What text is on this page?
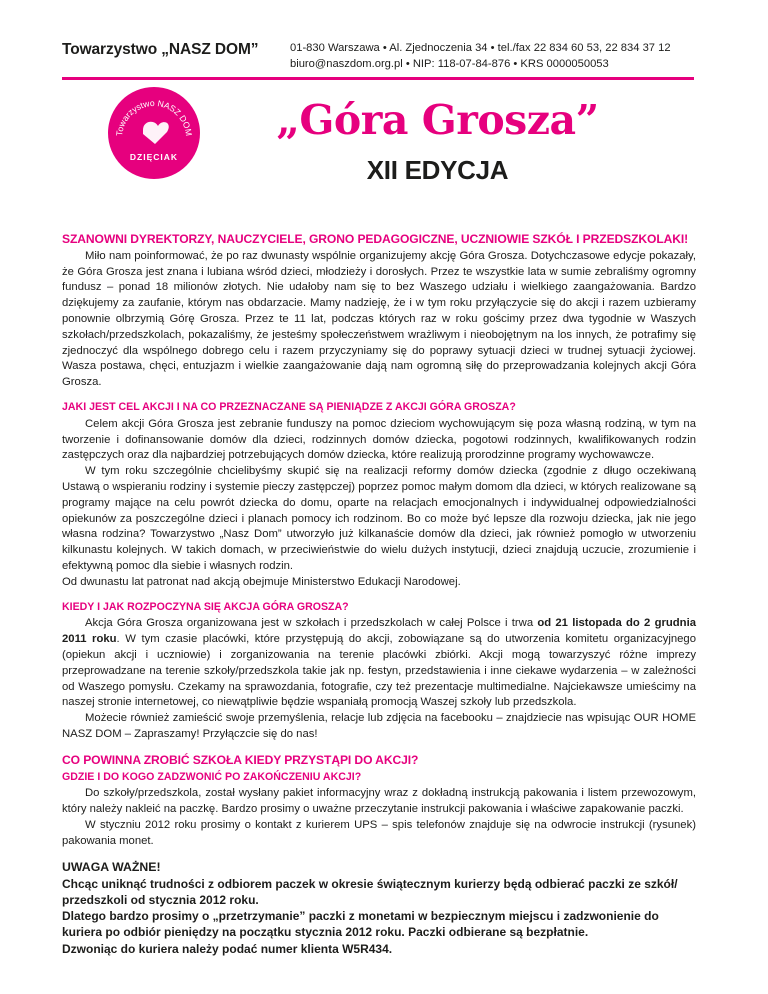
Towarzystwo „NASZ DOM”	01-830 Warszawa • Al. Zjednoczenia 34 • tel./fax 22 834 60 53, 22 834 37 12
biuro@naszdom.org.pl • NIP: 118-07-84-876 • KRS 0000050053
Towarzystwo NASZ DOM
DZIĘCIAK
„Góra Grosza”
XII EDYCJA
SZANOWNI DYREKTORZY, NAUCZYCIELE, GRONO PEDAGOGICZNE, UCZNIOWIE SZKÓŁ I PRZEDSZKOLAKI!

Miło nam poinformować, że po raz dwunasty wspólnie organizujemy akcję Góra Grosza. Dotychczasowe edycje pokazały, że Góra Grosza jest znana i lubiana wśród dzieci, młodzieży i dorosłych. Przez te wszystkie lata w sumie zebraliśmy ogromny fundusz – ponad 18 milionów złotych. Nie udałoby nam się to bez Waszego udziału i wielkiego zaangażowania. Bardzo dziękujemy za zaufanie, którym nas obdarzacie. Mamy nadzieję, że i w tym roku przyłączycie się do akcji i razem uzbieramy ponownie olbrzymią Górę Grosza. Przez te 11 lat, podczas których raz w roku gościmy przez dwa tygodnie w Waszych szkołach/przedszkolach, pokazaliśmy, że jesteśmy społeczeństwem wrażliwym i nieobojętnym na los innych, że potrafimy się zjednoczyć dla wspólnego dobrego celu i razem przyczyniamy się do poprawy sytuacji dzieci w trudnej sytuacji życiowej. Wasza postawa, chęci, entuzjazm i wielkie zaangażowanie dają nam ogromną siłę do przeprowadzania kolejnych akcji Góra Grosza.

JAKI JEST CEL AKCJI I NA CO PRZEZNACZANE SĄ PIENIĄDZE Z AKCJI GÓRA GROSZA?

Celem akcji Góra Grosza jest zebranie funduszy na pomoc dzieciom wychowującym się poza własną rodziną, w tym na tworzenie i dofinansowanie domów dla dzieci, rodzinnych domów dziecka, pogotowi rodzinnych, kwalifikowanych rodzin zastępczych oraz dla najbardziej potrzebujących domów dziecka, które realizują prorodzinne programy wychowawcze.

W tym roku szczególnie chcielibyśmy skupić się na realizacji reformy domów dziecka (zgodnie z długo oczekiwaną Ustawą o wspieraniu rodziny i systemie pieczy zastępczej) poprzez pomoc małym domom dla dzieci, w których realizowane są programy mające na celu powrót dziecka do domu, oparte na relacjach emocjonalnych i indywidualnej odpowiedzialności opiekunów za poszczególne dzieci i planach pomocy ich rodzinom. Bo co może być lepsze dla rozwoju dziecka, jak nie jego własna rodzina? Towarzystwo „Nasz Dom” utworzyło już kilkanaście domów dla dzieci, jak również pomogło w utworzeniu kilkunastu kolejnych. W takich domach, w przeciwieństwie do wielu dużych instytucji, dzieci znajdują uczucie, zrozumienie i efektywną pomoc dla siebie i własnych rodzin.

Od dwunastu lat patronat nad akcją obejmuje Ministerstwo Edukacji Narodowej.

KIEDY I JAK ROZPOCZYNA SIĘ AKCJA GÓRA GROSZA?

Akcja Góra Grosza organizowana jest w szkołach i przedszkolach w całej Polsce i trwa od 21 listopada do 2 grudnia 2011 roku. W tym czasie placówki, które przystępują do akcji, zobowiązane są do utworzenia komitetu organizacyjnego (opiekun akcji i uczniowie) i zorganizowania na terenie placówki zbiórki. Akcji mogą towarzyszyć różne imprezy przeprowadzane na terenie szkoły/przedszkola takie jak np. festyn, przedstawienia i inne ciekawe wydarzenia – w zależności od Waszego pomysłu. Czekamy na sprawozdania, fotografie, czy też prezentacje multimedialne. Najciekawsze umieścimy na naszej stronie internetowej, co niewątpliwie będzie wspaniałą promocją Waszej szkoły lub przedszkola.

Możecie również zamieścić swoje przemyślenia, relacje lub zdjęcia na facebooku – znajdziecie nas wpisując OUR HOME NASZ DOM – Zapraszamy! Przyłączcie się do nas!

CO POWINNA ZROBIĆ SZKOŁA KIEDY PRZYSTĄPI DO AKCJI?
GDZIE I DO KOGO ZADZWONIĆ PO ZAKOŃCZENIU AKCJI?

Do szkoły/przedszkola, został wysłany pakiet informacyjny wraz z dokładną instrukcją pakowania i listem przewozowym, który należy nakleić na paczkę. Bardzo prosimy o uważne przeczytanie instrukcji pakowania i właściwe zapakowanie paczki.

W styczniu 2012 roku prosimy o kontakt z kurierem UPS – spis telefonów znajduje się na odwrocie instrukcji (rysunek) pakowania monet.

UWAGA WAŻNE!
Chcąc uniknąć trudności z odbiorem paczek w okresie świątecznym kurierzy będą odbierać paczki ze szkół/ przedszkoli od stycznia 2012 roku.
Dlatego bardzo prosimy o „przetrzymanie” paczki z monetami w bezpiecznym miejscu i zadzwonienie do kuriera po odbiór pieniędzy na początku stycznia 2012 roku. Paczki odbierane są bezpłatnie.
Dzwoniąc do kuriera należy podać numer klienta W5R434.
